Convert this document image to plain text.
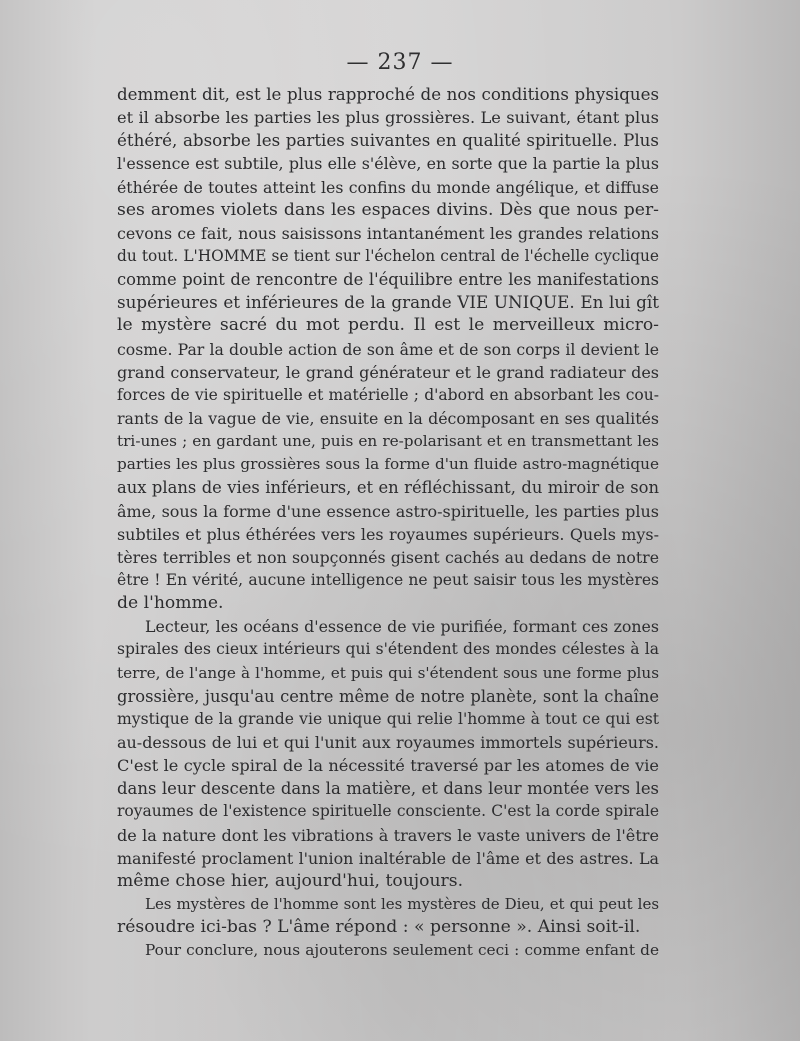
— 237 —
demment dit, est le plus rapproché de nos conditions physiques
et il absorbe les parties les plus grossières. Le suivant, étant plus
éthéré, absorbe les parties suivantes en qualité spirituelle. Plus
l'essence est subtile, plus elle s'élève, en sorte que la partie la plus
éthérée de toutes atteint les confins du monde angélique, et diffuse
ses aromes violets dans les espaces divins. Dès que nous per-
cevons ce fait, nous saisissons intantanément les grandes relations
du tout. L'HOMME se tient sur l'échelon central de l'échelle cyclique
comme point de rencontre de l'équilibre entre les manifestations
supérieures et inférieures de la grande VIE UNIQUE. En lui gît
le mystère sacré du mot perdu. Il est le merveilleux micro-
cosme. Par la double action de son âme et de son corps il devient le
grand conservateur, le grand générateur et le grand radiateur des
forces de vie spirituelle et matérielle ; d'abord en absorbant les cou-
rants de la vague de vie, ensuite en la décomposant en ses qualités
tri-unes ; en gardant une, puis en re-polarisant et en transmettant les
parties les plus grossières sous la forme d'un fluide astro-magnétique
aux plans de vies inférieurs, et en réfléchissant, du miroir de son
âme, sous la forme d'une essence astro-spirituelle, les parties plus
subtiles et plus éthérées vers les royaumes supérieurs. Quels mys-
tères terribles et non soupçonnés gisent cachés au dedans de notre
être ! En vérité, aucune intelligence ne peut saisir tous les mystères
de l'homme.
Lecteur, les océans d'essence de vie purifiée, formant ces zones
spirales des cieux intérieurs qui s'étendent des mondes célestes à la
terre, de l'ange à l'homme, et puis qui s'étendent sous une forme plus
grossière, jusqu'au centre même de notre planète, sont la chaîne
mystique de la grande vie unique qui relie l'homme à tout ce qui est
au-dessous de lui et qui l'unit aux royaumes immortels supérieurs.
C'est le cycle spiral de la nécessité traversé par les atomes de vie
dans leur descente dans la matière, et dans leur montée vers les
royaumes de l'existence spirituelle consciente. C'est la corde spirale
de la nature dont les vibrations à travers le vaste univers de l'être
manifesté proclament l'union inaltérable de l'âme et des astres. La
même chose hier, aujourd'hui, toujours.
Les mystères de l'homme sont les mystères de Dieu, et qui peut les
résoudre ici-bas ? L'âme répond : « personne ». Ainsi soit-il.
Pour conclure, nous ajouterons seulement ceci : comme enfant de
